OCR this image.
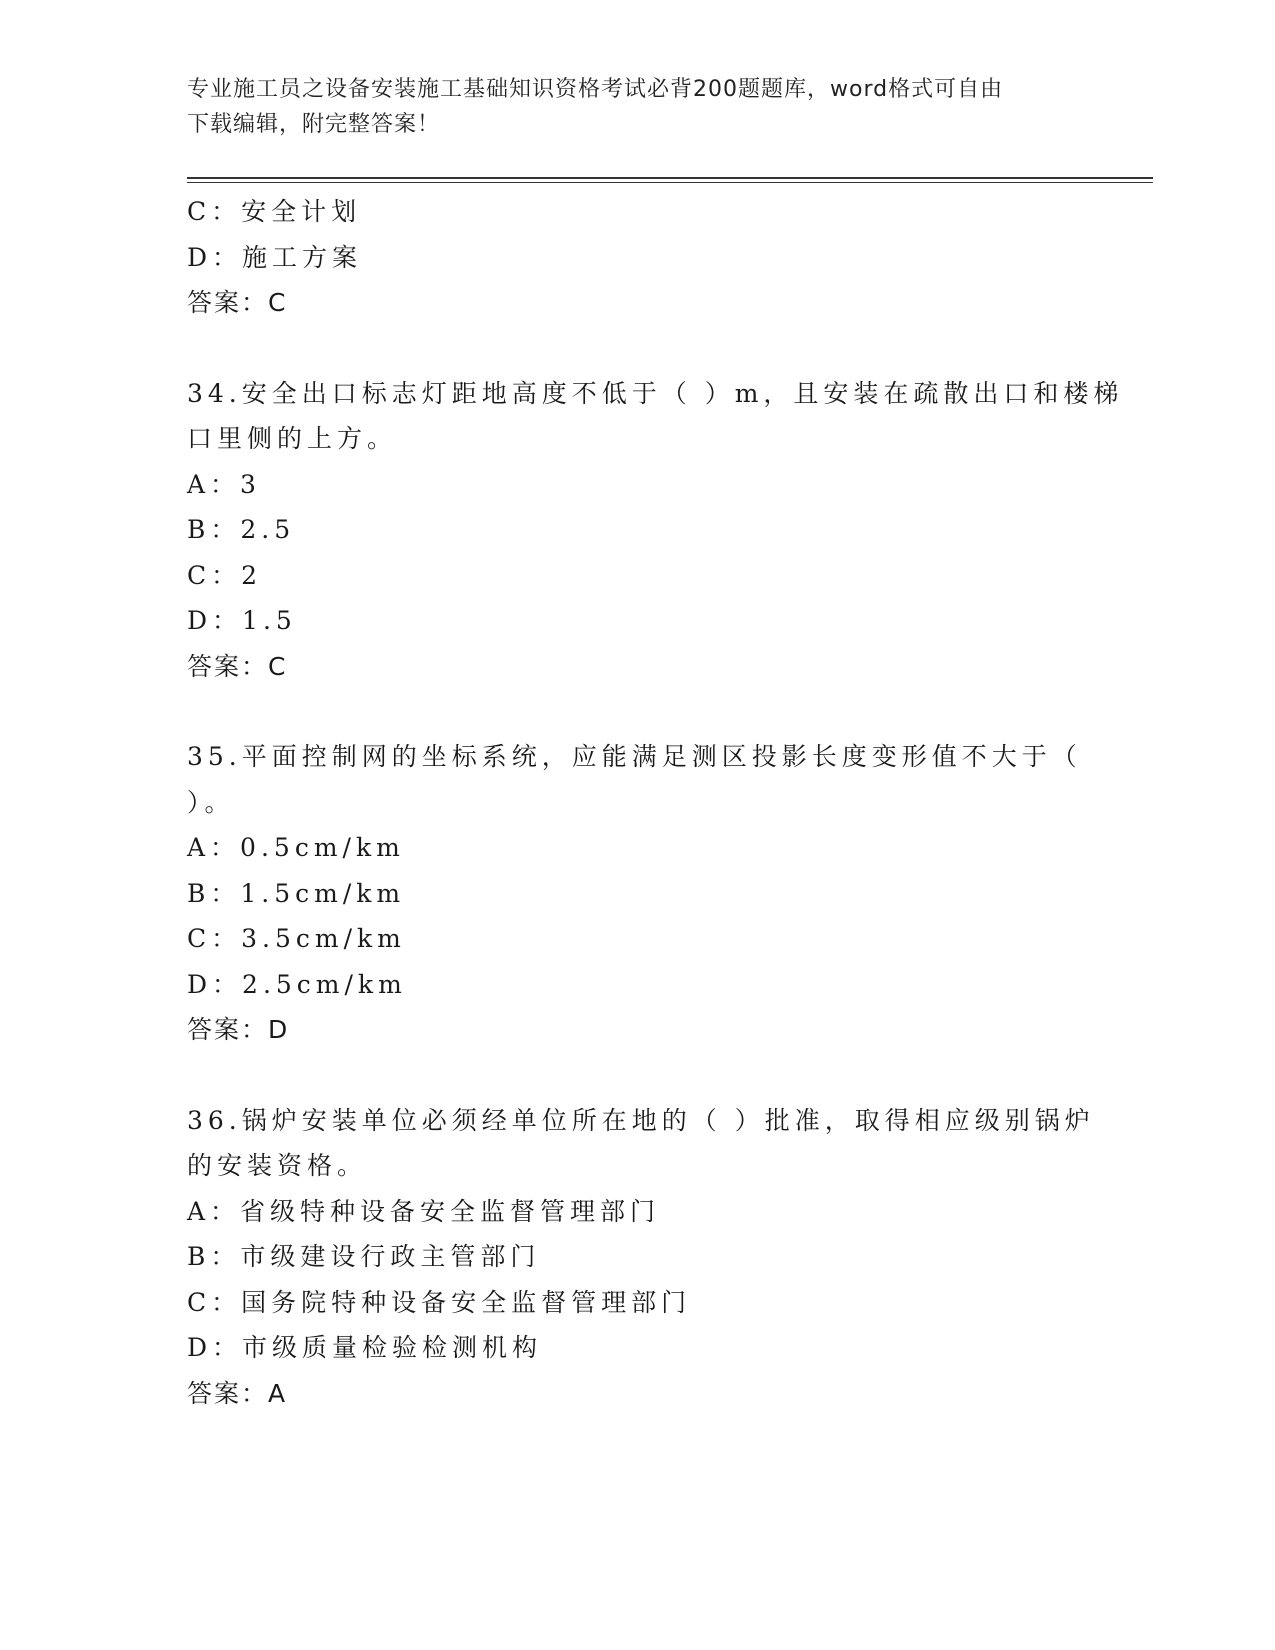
专业施工员之设备安装施工基础知识资格考试必背200题题库，word格式可自由
下载编辑，附完整答案！
C：安全计划
D：施工方案
答案：C
34.安全出口标志灯距地高度不低于（ ）m，且安装在疏散出口和楼梯
口里侧的上方。
A：3
B：2.5
C：2
D：1.5
答案：C
35.平面控制网的坐标系统，应能满足测区投影长度变形值不大于（
）。
A：0.5cm/km
B：1.5cm/km
C：3.5cm/km
D：2.5cm/km
答案：D
36.锅炉安装单位必须经单位所在地的（ ）批准，取得相应级别锅炉
的安装资格。
A：省级特种设备安全监督管理部门
B：市级建设行政主管部门
C：国务院特种设备安全监督管理部门
D：市级质量检验检测机构
答案：A
